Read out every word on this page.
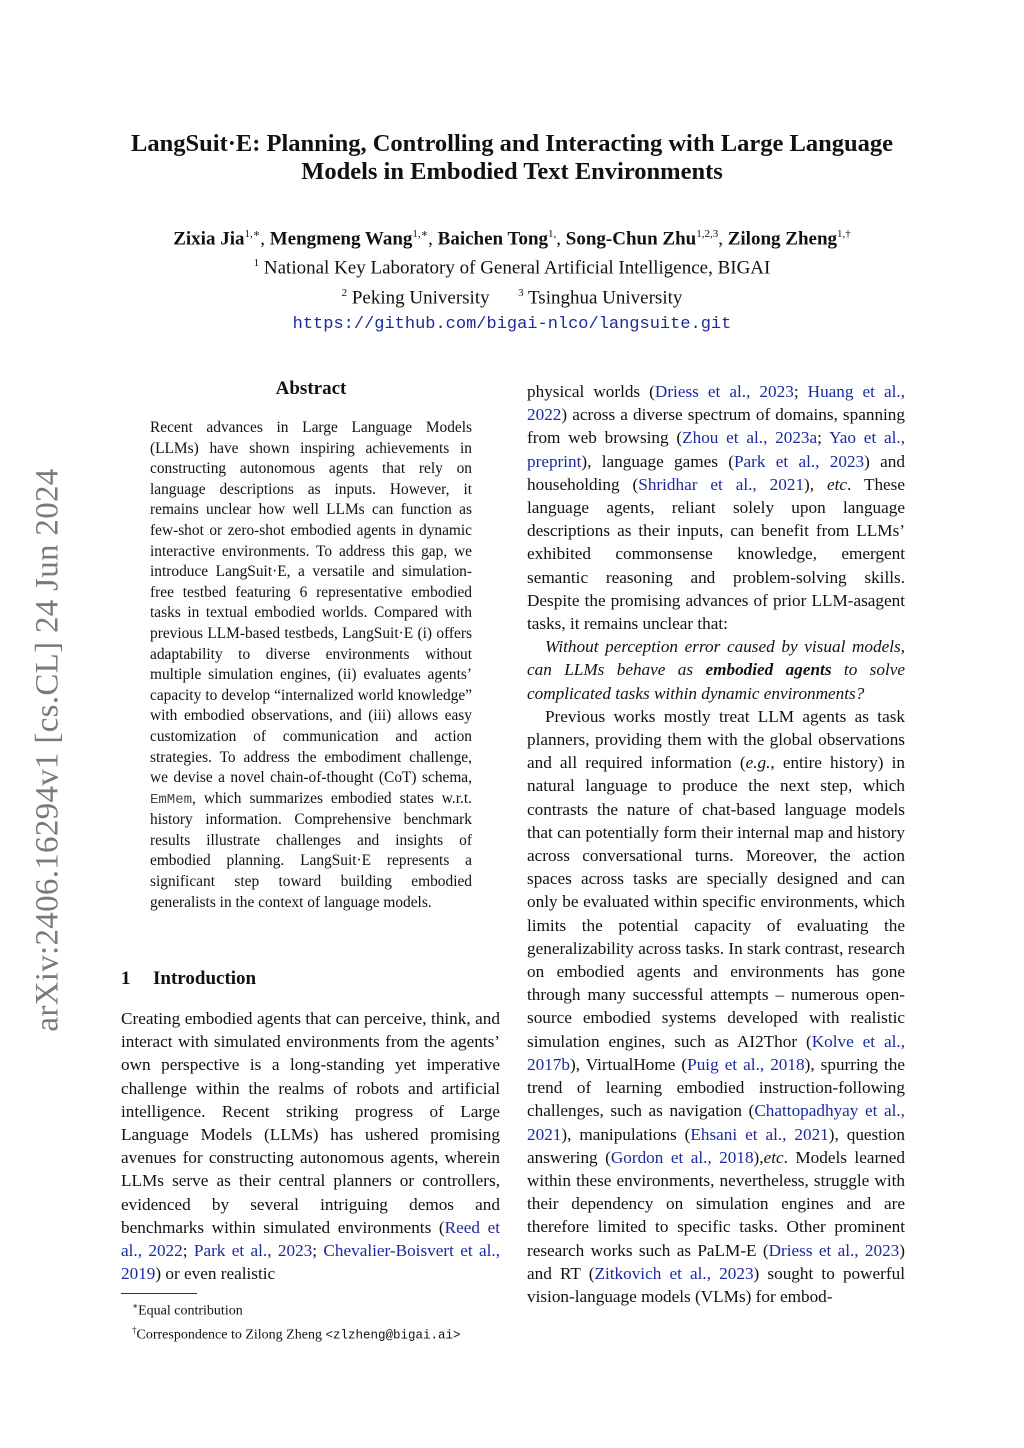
arXiv:2406.16294v1 [cs.CL] 24 Jun 2024
LangSuit·E: Planning, Controlling and Interacting with Large Language Models in Embodied Text Environments
Zixia Jia$^{1,∗}$, Mengmeng Wang$^{1,∗}$, Baichen Tong$^{1,}$, Song-Chun Zhu$^{1,2,3}$, Zilong Zheng$^{1,\dagger}$
$^1$ National Key Laboratory of General Artificial Intelligence, BIGAI
$^2$ Peking University	$^3$ Tsinghua University
https://github.com/bigai-nlco/langsuite.git
Abstract
Recent advances in Large Language Models (LLMs) have shown inspiring achievements in constructing autonomous agents that rely on language descriptions as inputs. However, it remains unclear how well LLMs can function as few-shot or zero-shot embodied agents in dynamic interactive environments. To address this gap, we introduce LangSuit·E, a versatile and simulation-free testbed featuring 6 representative embodied tasks in textual embodied worlds. Compared with previous LLM-based testbeds, LangSuit·E (i) offers adaptability to diverse environments without multiple simulation engines, (ii) evaluates agents’ capacity to develop “internalized world knowledge” with embodied observations, and (iii) allows easy customization of communication and action strategies. To address the embodiment challenge, we devise a novel chain-of-thought (CoT) schema, EmMem, which summarizes embodied states w.r.t. history information. Comprehensive benchmark results illustrate challenges and insights of embodied planning. LangSuit·E represents a significant step toward building embodied generalists in the context of language models.
1 Introduction
Creating embodied agents that can perceive, think, and interact with simulated environments from the agents’ own perspective is a long-standing yet imperative challenge within the realms of robots and artificial intelligence. Recent striking progress of Large Language Models (LLMs) has ushered promising avenues for constructing autonomous agents, wherein LLMs serve as their central planners or controllers, evidenced by several intriguing demos and benchmarks within simulated environments (Reed et al., 2022; Park et al., 2023; Chevalier-Boisvert et al., 2019) or even realistic
∗Equal contribution
†Correspondence to Zilong Zheng <zlzheng@bigai.ai>

physical worlds (Driess et al., 2023; Huang et al., 2022) across a diverse spectrum of domains, spanning from web browsing (Zhou et al., 2023a; Yao et al., preprint), language games (Park et al., 2023) and householding (Shridhar et al., 2021), etc. These language agents, reliant solely upon language descriptions as their inputs, can benefit from LLMs’ exhibited commonsense knowledge, emergent semantic reasoning and problem-solving skills. Despite the promising advances of prior LLM-asagent tasks, it remains unclear that:

Without perception error caused by visual models, can LLMs behave as embodied agents to solve complicated tasks within dynamic environments?

Previous works mostly treat LLM agents as task planners, providing them with the global observations and all required information (e.g., entire history) in natural language to produce the next step, which contrasts the nature of chat-based language models that can potentially form their internal map and history across conversational turns. Moreover, the action spaces across tasks are specially designed and can only be evaluated within specific environments, which limits the potential capacity of evaluating the generalizability across tasks. In stark contrast, research on embodied agents and environments has gone through many successful attempts – numerous open-source embodied systems developed with realistic simulation engines, such as AI2Thor (Kolve et al., 2017b), VirtualHome (Puig et al., 2018), spurring the trend of learning embodied instruction-following challenges, such as navigation (Chattopadhyay et al., 2021), manipulations (Ehsani et al., 2021), question answering (Gordon et al., 2018),etc. Models learned within these environments, nevertheless, struggle with their dependency on simulation engines and are therefore limited to specific tasks. Other prominent research works such as PaLM-E (Driess et al., 2023) and RT (Zitkovich et al., 2023) sought to powerful vision-language models (VLMs) for embod-
